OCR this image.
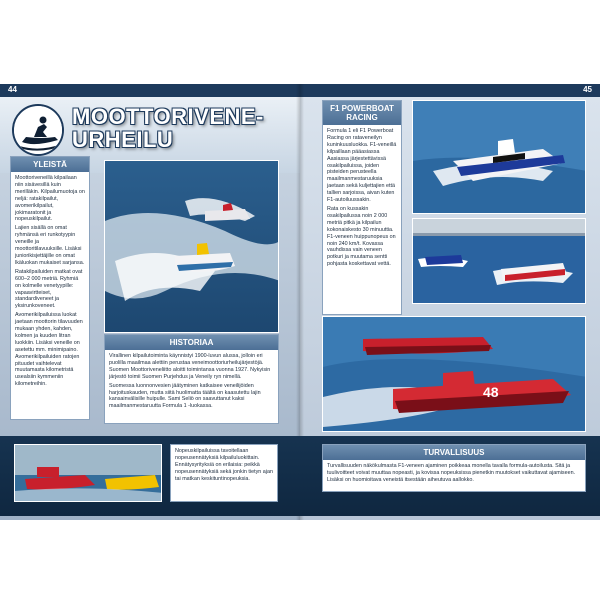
44
MOOTTORIVENE-
URHEILU
YLEISTÄ

Moottoriveneillä kilpailaan niin sisävesillä kuin merilläkin. Kilpailumuotoja on neljä: ratakilpailut, avomerikilpailut, jokimaratonit ja nopeuskilpailut.

Lajien sisällä on omat ryhmänsä eri runkotyypin veneille ja moottoritilavuuksille. Lisäksi juniorikisjettäjille on omat lkäluokan mukaiset sarjansa.

Ratakilpailuiden matkat ovat 600–2 000 metriä. Ryhmiä on kolmelle venetyypille: vapaavirtteiset, standardiveneet ja yksirunkoveneet.

Avomerikilpailuissa luokat jaetaan moottorin tilavuuden mukaan yhden, kahden, kolmen ja kuuden litran luokkiin. Lisäksi veneille on asetettu mm. minimipaino. Avomerikilpailuiden ratojen pituudet vaihtelevat muutamasta kilometristä usealsiin kymmeniin kilometreihin.

HISTORIAA

Virallinen kilpailutoiminta käynnistyi 1900-luvun alussa, jolloin eri puolilla maailmaa alettiin perustaa veneimoottoriurheilujärjestöjä. Suomen Moottoriveneliitto aloitti toimintansa vuonna 1927. Nykyisin järjestö toimii Suomen Purjehdus ja Veneily ryn nimellä.

Suomessa luonnonvesien jäätyminen katkaisee veneilijöiden harjoituskauden, mutta siitä huolimatta täältä on kaasutettu lajin kansainvälisille huipulle. Sami Seliö on saavuttanut kaksi maailmanmestaruutta Formula 1 -luokassa.

45
F1 POWERBOAT
RACING

Formula 1 eli F1 Powerboat Racing on rataveneilyn kuninkuusluokka. F1-veneillä kilpaillaan pääasiassa Aasiassa järjestettävissä osakilpailuissa, joiden pisteiden perusteella maailmanmestaruuksia jaetaan sekä kuljettajien että tallien sarjoissa, aivan kuten F1-autoiluussakin.

Rata on kussakin osakilpailussa noin 2 000 metriä pitkä ja kilpailun kokonaiskesto 30 minuuttia. F1-veneen huippunopeus on noin 240 km/t. Kovassa vauhdissa vain veneen potkuri ja muutama sentti pohjasta koskettavat vettä.

48
Nopeuskilpailuissa tavoitellaan nopeusennätyksiä kilpailuluokittain. Ennätysyrityksiä on erilaisia: peikkä nopeusennätyksiä sekä jonkin tietyn ajan tai matkan keskituntinopeuksia.
TURVALLISUUS
Turvallisuuden näkökulmasta F1-veneen ajaminen poikkeaa monella tavalla formula-autoilusta. Sitä ja tuulivoitteet voivat muuttaa nopeasti, ja kovissa nopeuksissa pienetkin muutokset vaikuttavat ajamiseen. Lisäksi on huomioitava veneistä itsestään aiheutuva aallokko.
